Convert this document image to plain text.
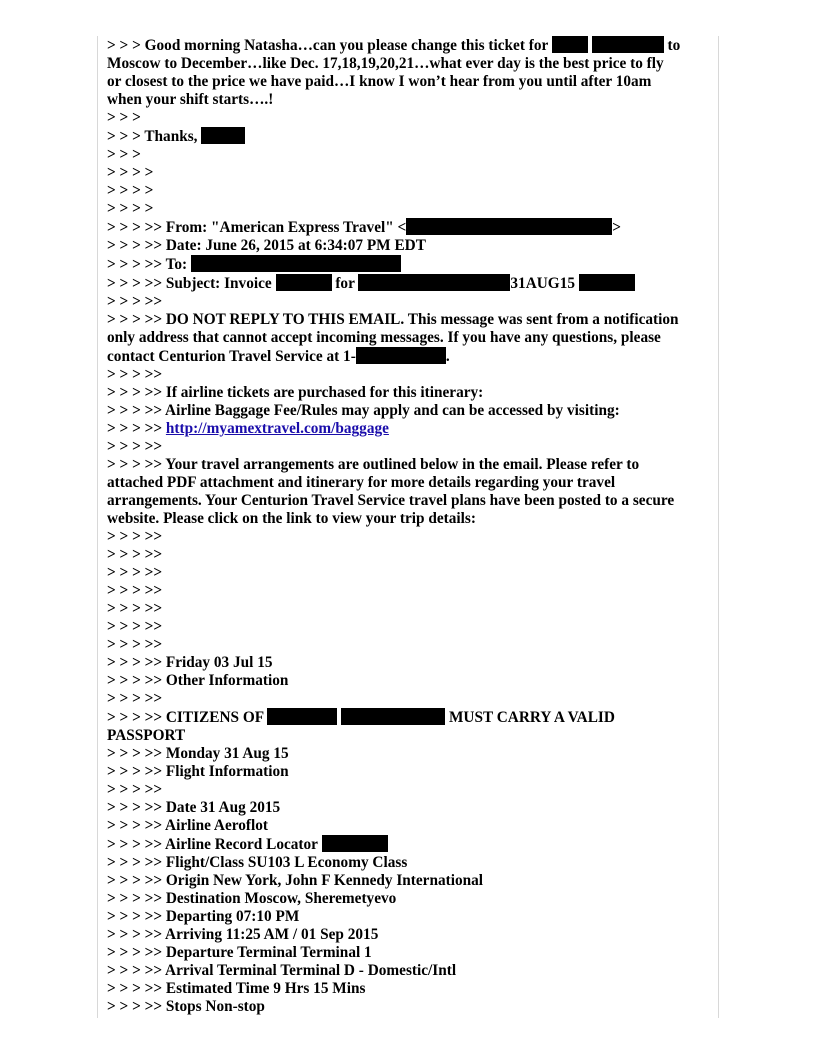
> > > Good morning Natasha…can you please change this ticket for	to
Moscow to December…like Dec. 17,18,19,20,21…what ever day is the best price to fly
or closest to the price we have paid…I know I won’t hear from you until after 10am
when your shift starts….!
> > >
> > > Thanks,
> > >
> > > >
> > > >
> > > >
> > > >> From: "American Express Travel" <	>
> > > >> Date: June 26, 2015 at 6:34:07 PM EDT
> > > >> To:
> > > >> Subject: Invoice	for	31AUG15
> > > >>
> > > >> DO NOT REPLY TO THIS EMAIL. This message was sent from a notification
only address that cannot accept incoming messages. If you have any questions, please
contact Centurion Travel Service at 1-	.
> > > >>
> > > >> If airline tickets are purchased for this itinerary:
> > > >> Airline Baggage Fee/Rules may apply and can be accessed by visiting:
> > > >> http://myamextravel.com/baggage
> > > >>
> > > >> Your travel arrangements are outlined below in the email. Please refer to
attached PDF attachment and itinerary for more details regarding your travel
arrangements. Your Centurion Travel Service travel plans have been posted to a secure
website. Please click on the link to view your trip details:
> > > >>
> > > >>
> > > >>
> > > >>
> > > >>
> > > >>
> > > >>
> > > >> Friday 03 Jul 15
> > > >> Other Information
> > > >>
> > > >> CITIZENS OF	MUST CARRY A VALID
PASSPORT
> > > >> Monday 31 Aug 15
> > > >> Flight Information
> > > >>
> > > >> Date 31 Aug 2015
> > > >> Airline Aeroflot
> > > >> Airline Record Locator
> > > >> Flight/Class SU103 L Economy Class
> > > >> Origin New York, John F Kennedy International
> > > >> Destination Moscow, Sheremetyevo
> > > >> Departing 07:10 PM
> > > >> Arriving 11:25 AM / 01 Sep 2015
> > > >> Departure Terminal Terminal 1
> > > >> Arrival Terminal Terminal D - Domestic/Intl
> > > >> Estimated Time 9 Hrs 15 Mins
> > > >> Stops Non-stop
